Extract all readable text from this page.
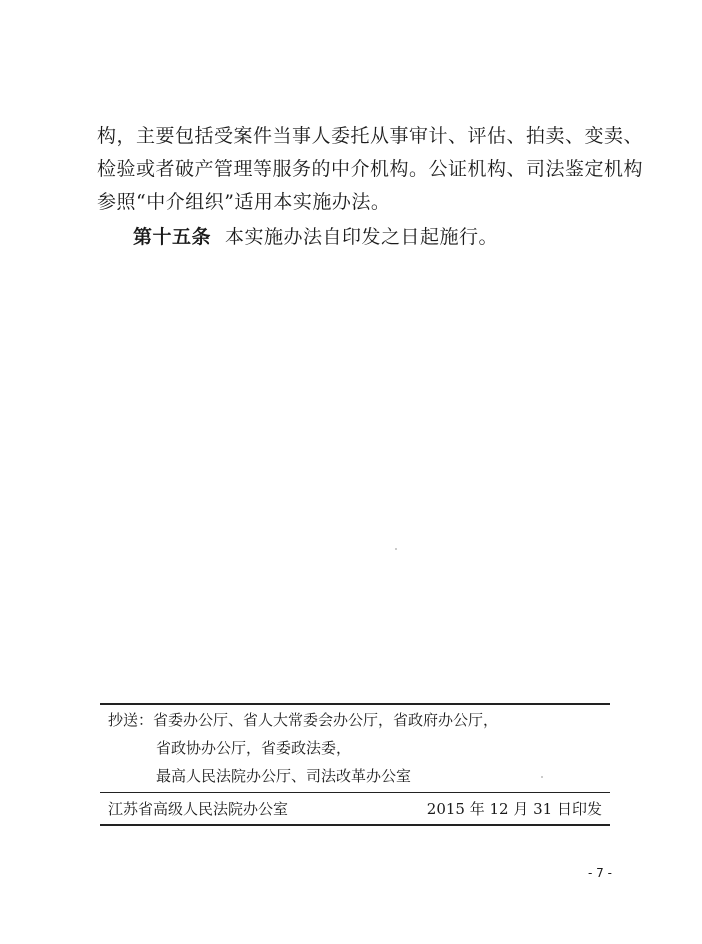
构，主要包括受案件当事人委托从事审计、评估、拍卖、变卖、
检验或者破产管理等服务的中介机构。公证机构、司法鉴定机构
参照“中介组织”适用本实施办法。
第十五条 本实施办法自印发之日起施行。
抄送：省委办公厅、省人大常委会办公厅，省政府办公厅，
省政协办公厅，省委政法委，
最高人民法院办公厅、司法改革办公室
江苏省高级人民法院办公室	2015 年 12 月 31 日印发
- 7 -
